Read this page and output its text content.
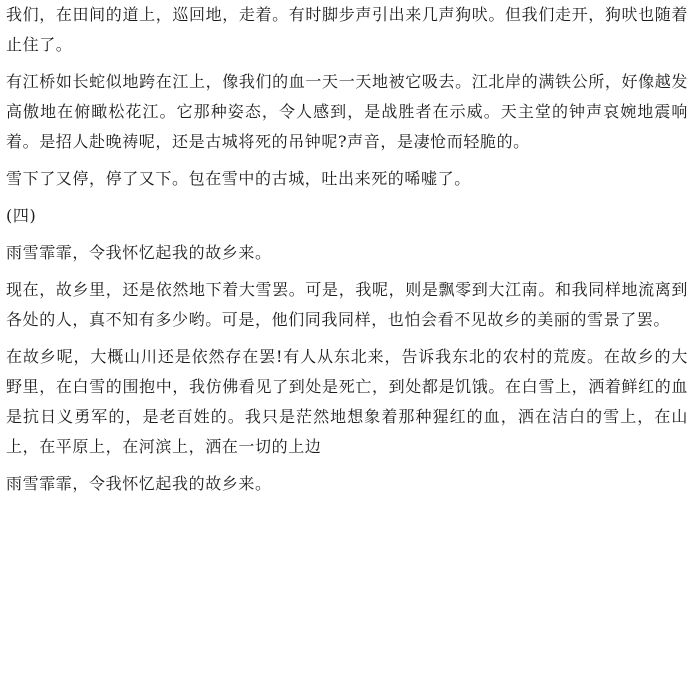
我们，在田间的道上，巡回地，走着。有时脚步声引出来几声狗吠。但我们走开，狗吠也随着止住了。

有江桥如长蛇似地跨在江上，像我们的血一天一天地被它吸去。江北岸的满铁公所，好像越发高傲地在俯瞰松花江。它那种姿态，令人感到，是战胜者在示威。天主堂的钟声哀婉地震响着。是招人赴晚祷呢，还是古城将死的吊钟呢?声音，是凄怆而轻脆的。

雪下了又停，停了又下。包在雪中的古城，吐出来死的唏嘘了。

(四)

雨雪霏霏，令我怀忆起我的故乡来。

现在，故乡里，还是依然地下着大雪罢。可是，我呢，则是飘零到大江南。和我同样地流离到各处的人，真不知有多少哟。可是，他们同我同样，也怕会看不见故乡的美丽的雪景了罢。

在故乡呢，大概山川还是依然存在罢!有人从东北来，告诉我东北的农村的荒废。在故乡的大野里，在白雪的围抱中，我仿佛看见了到处是死亡，到处都是饥饿。在白雪上，洒着鲜红的血是抗日义勇军的，是老百姓的。我只是茫然地想象着那种猩红的血，洒在洁白的雪上，在山上，在平原上，在河滨上，洒在一切的上边

雨雪霏霏，令我怀忆起我的故乡来。
